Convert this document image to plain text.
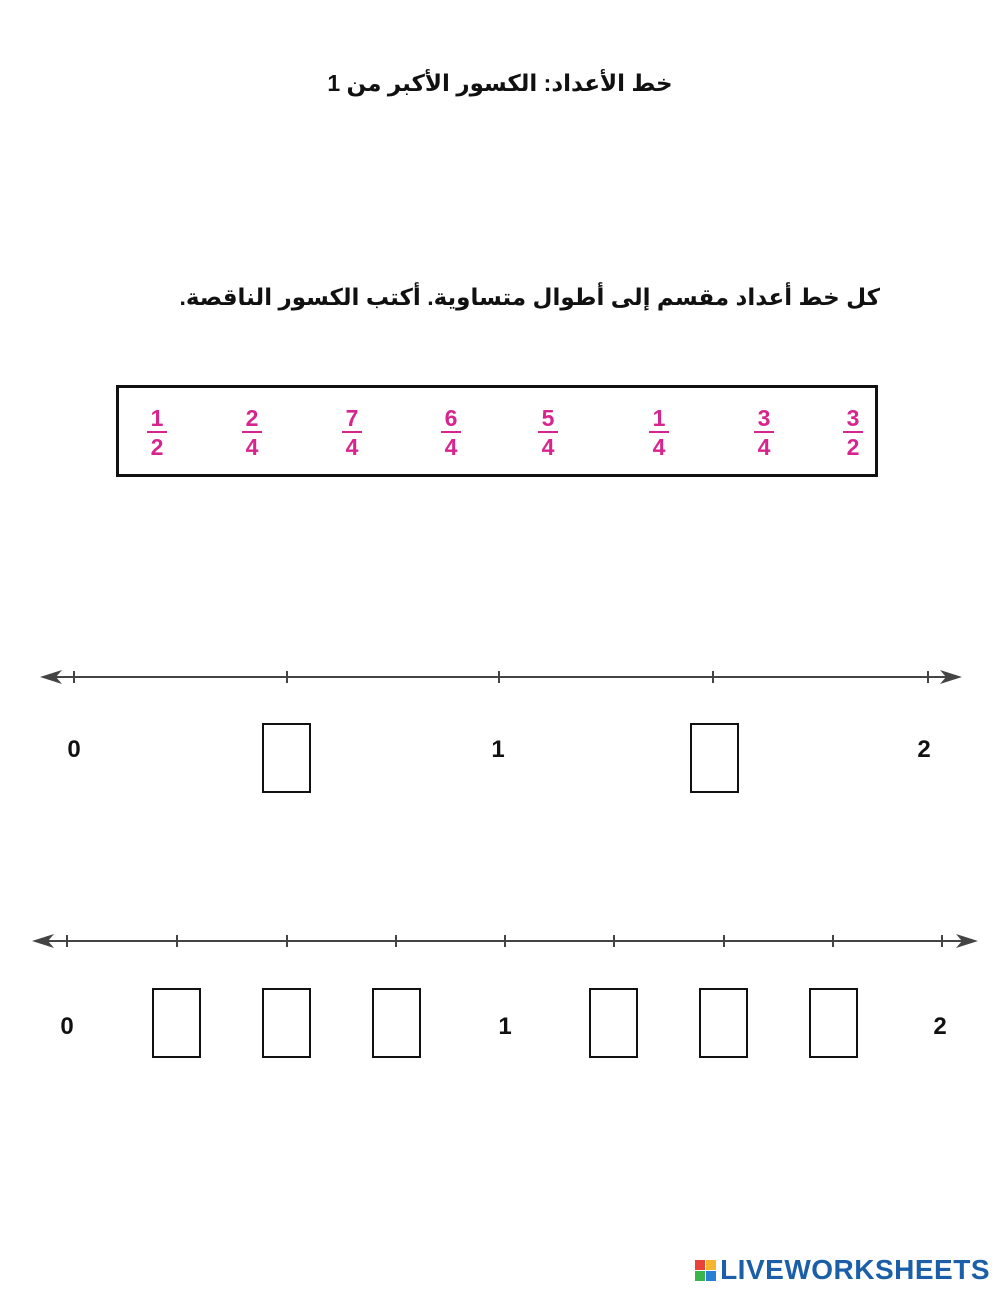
خط الأعداد: الكسور الأكبر من 1
كل خط أعداد مقسم إلى أطوال متساوية. أكتب الكسور الناقصة.
1
2
2
4
7
4
6
4
5
4
1
4
3
4
3
2
0	1	2
0	1	2
LIVEWORKSHEETS
